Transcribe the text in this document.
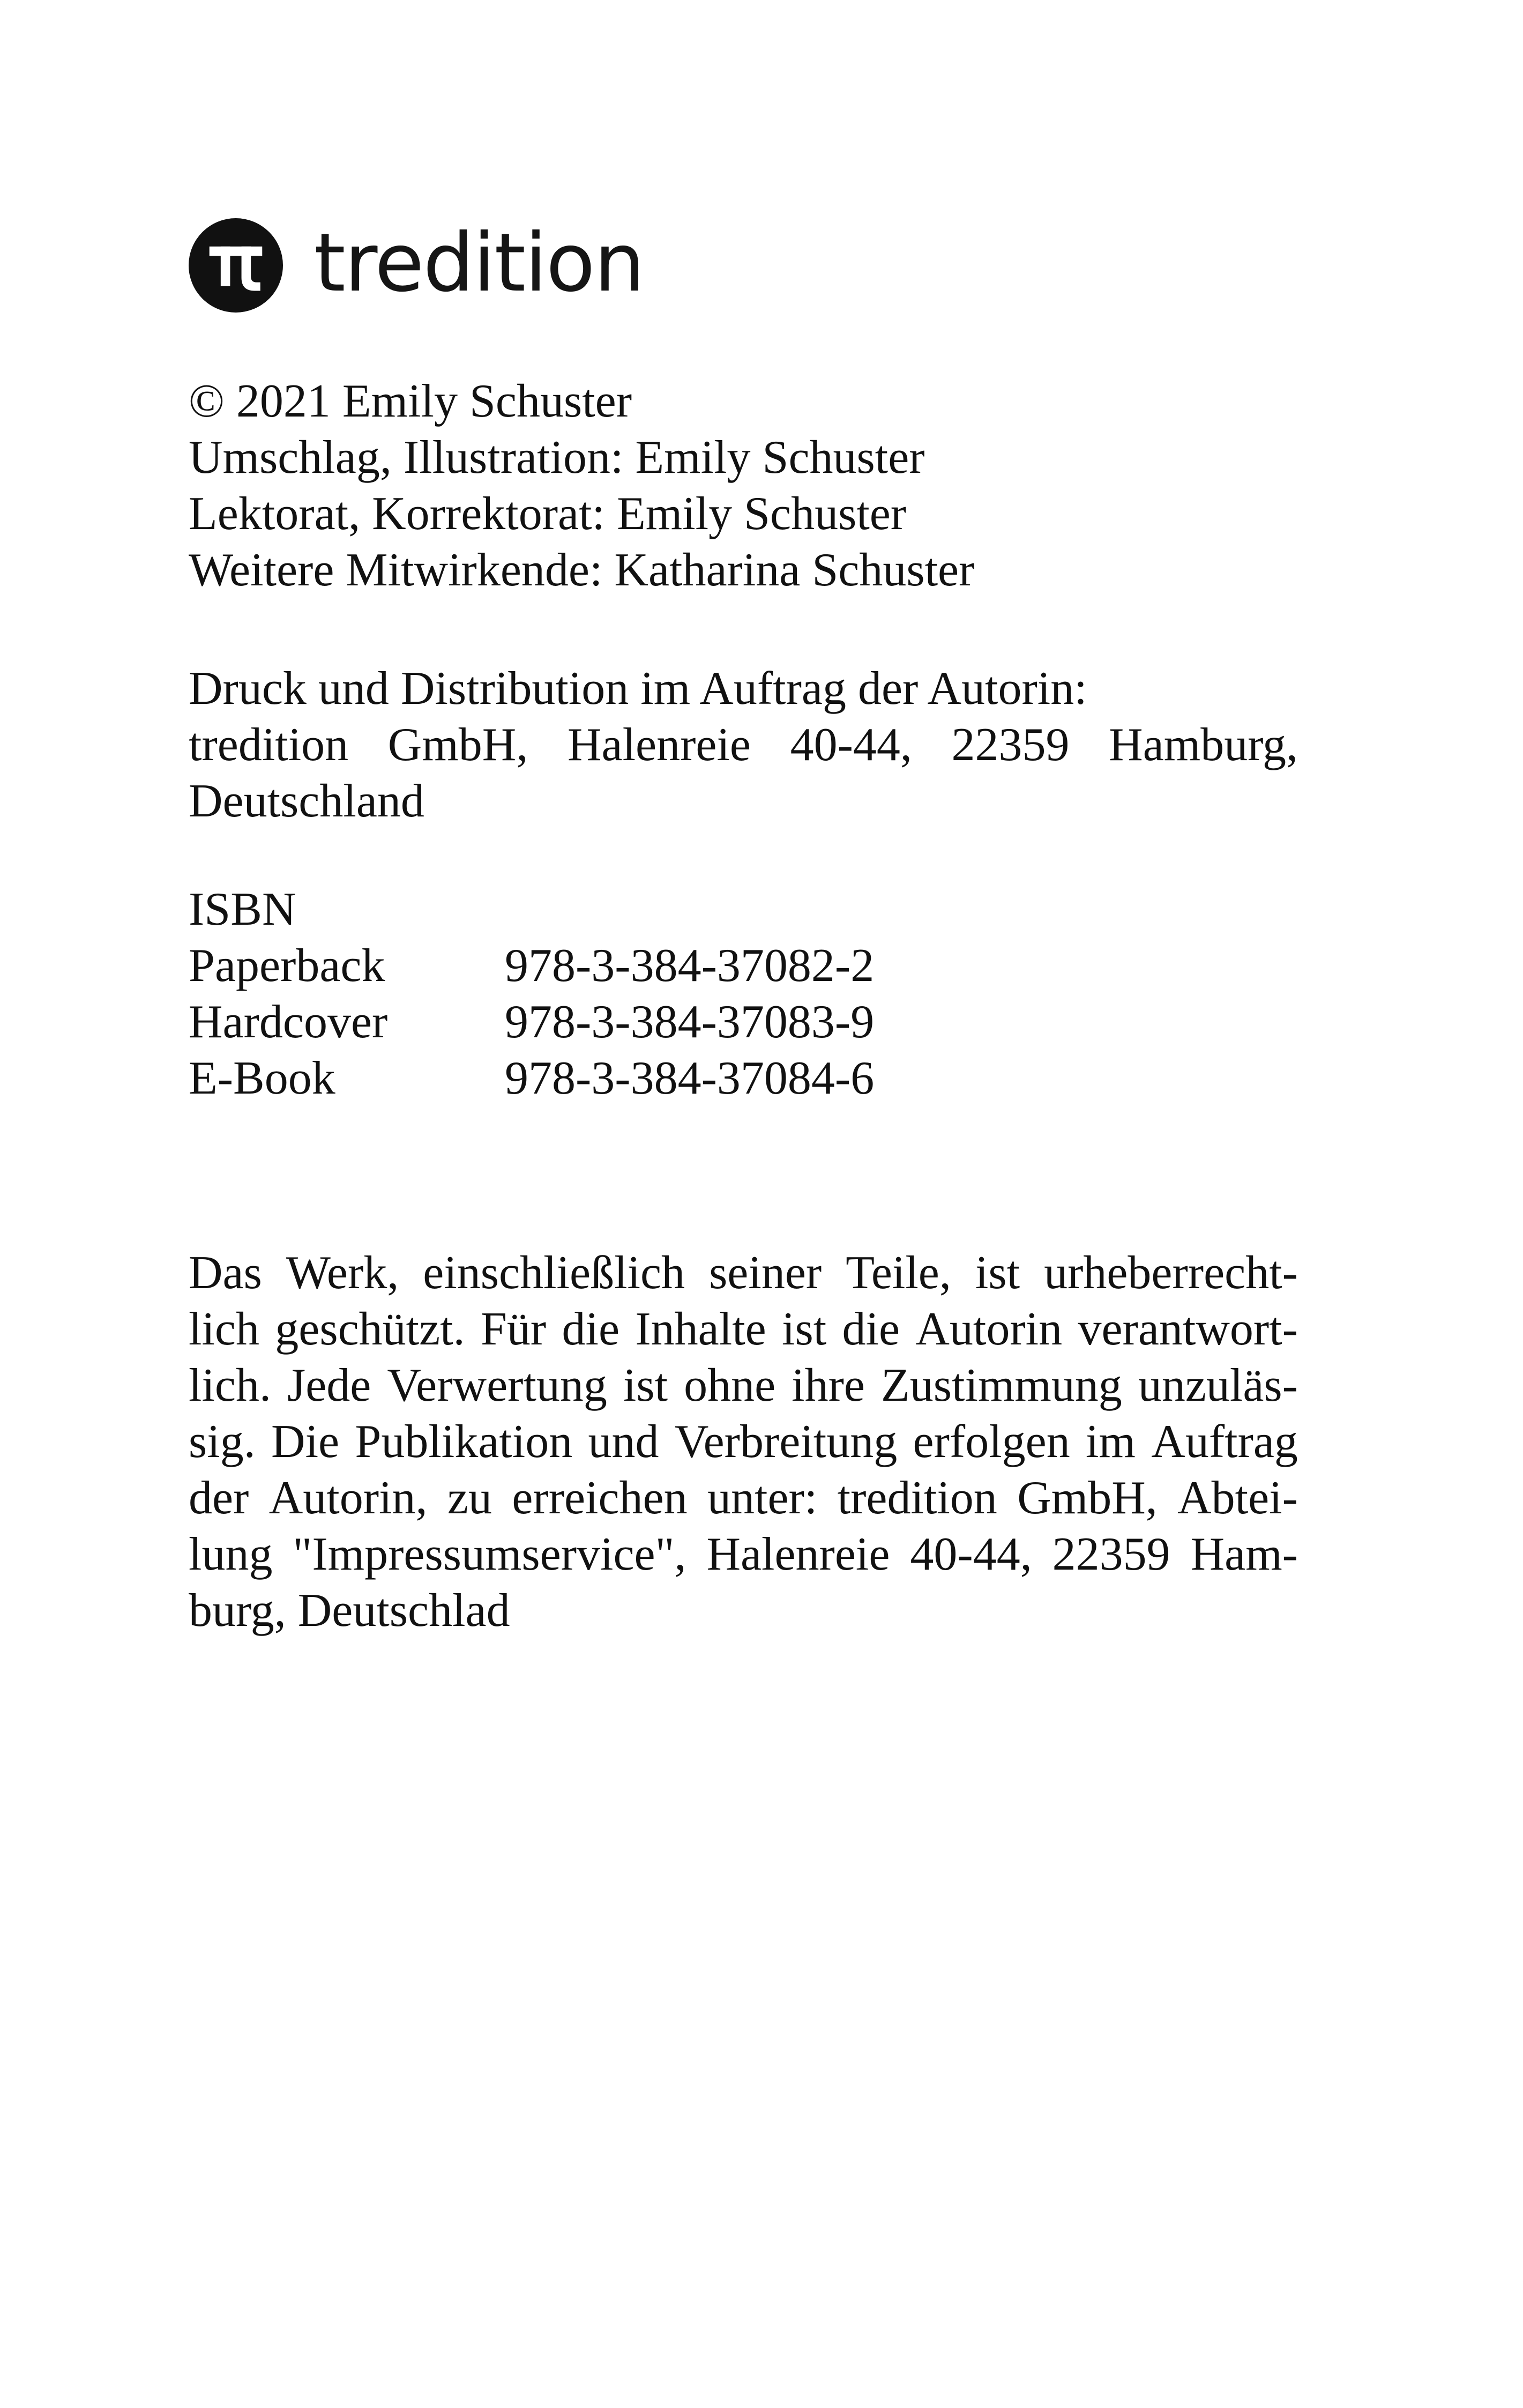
tredition
© 2021 Emily Schuster
Umschlag, Illustration: Emily Schuster
Lektorat, Korrektorat: Emily Schuster
Weitere Mitwirkende: Katharina Schuster
Druck und Distribution im Auftrag der Autorin:
tredition GmbH, Halenreie 40-44, 22359 Hamburg,
Deutschland
ISBN
Paperback	978-3-384-37082-2
Hardcover	978-3-384-37083-9
E-Book	978-3-384-37084-6
Das Werk, einschließlich seiner Teile, ist urheberrecht-
lich geschützt. Für die Inhalte ist die Autorin verantwort-
lich. Jede Verwertung ist ohne ihre Zustimmung unzuläs-
sig. Die Publikation und Verbreitung erfolgen im Auftrag
der Autorin, zu erreichen unter: tredition GmbH, Abtei-
lung "Impressumservice", Halenreie 40-44, 22359 Ham-
burg, Deutschlad
